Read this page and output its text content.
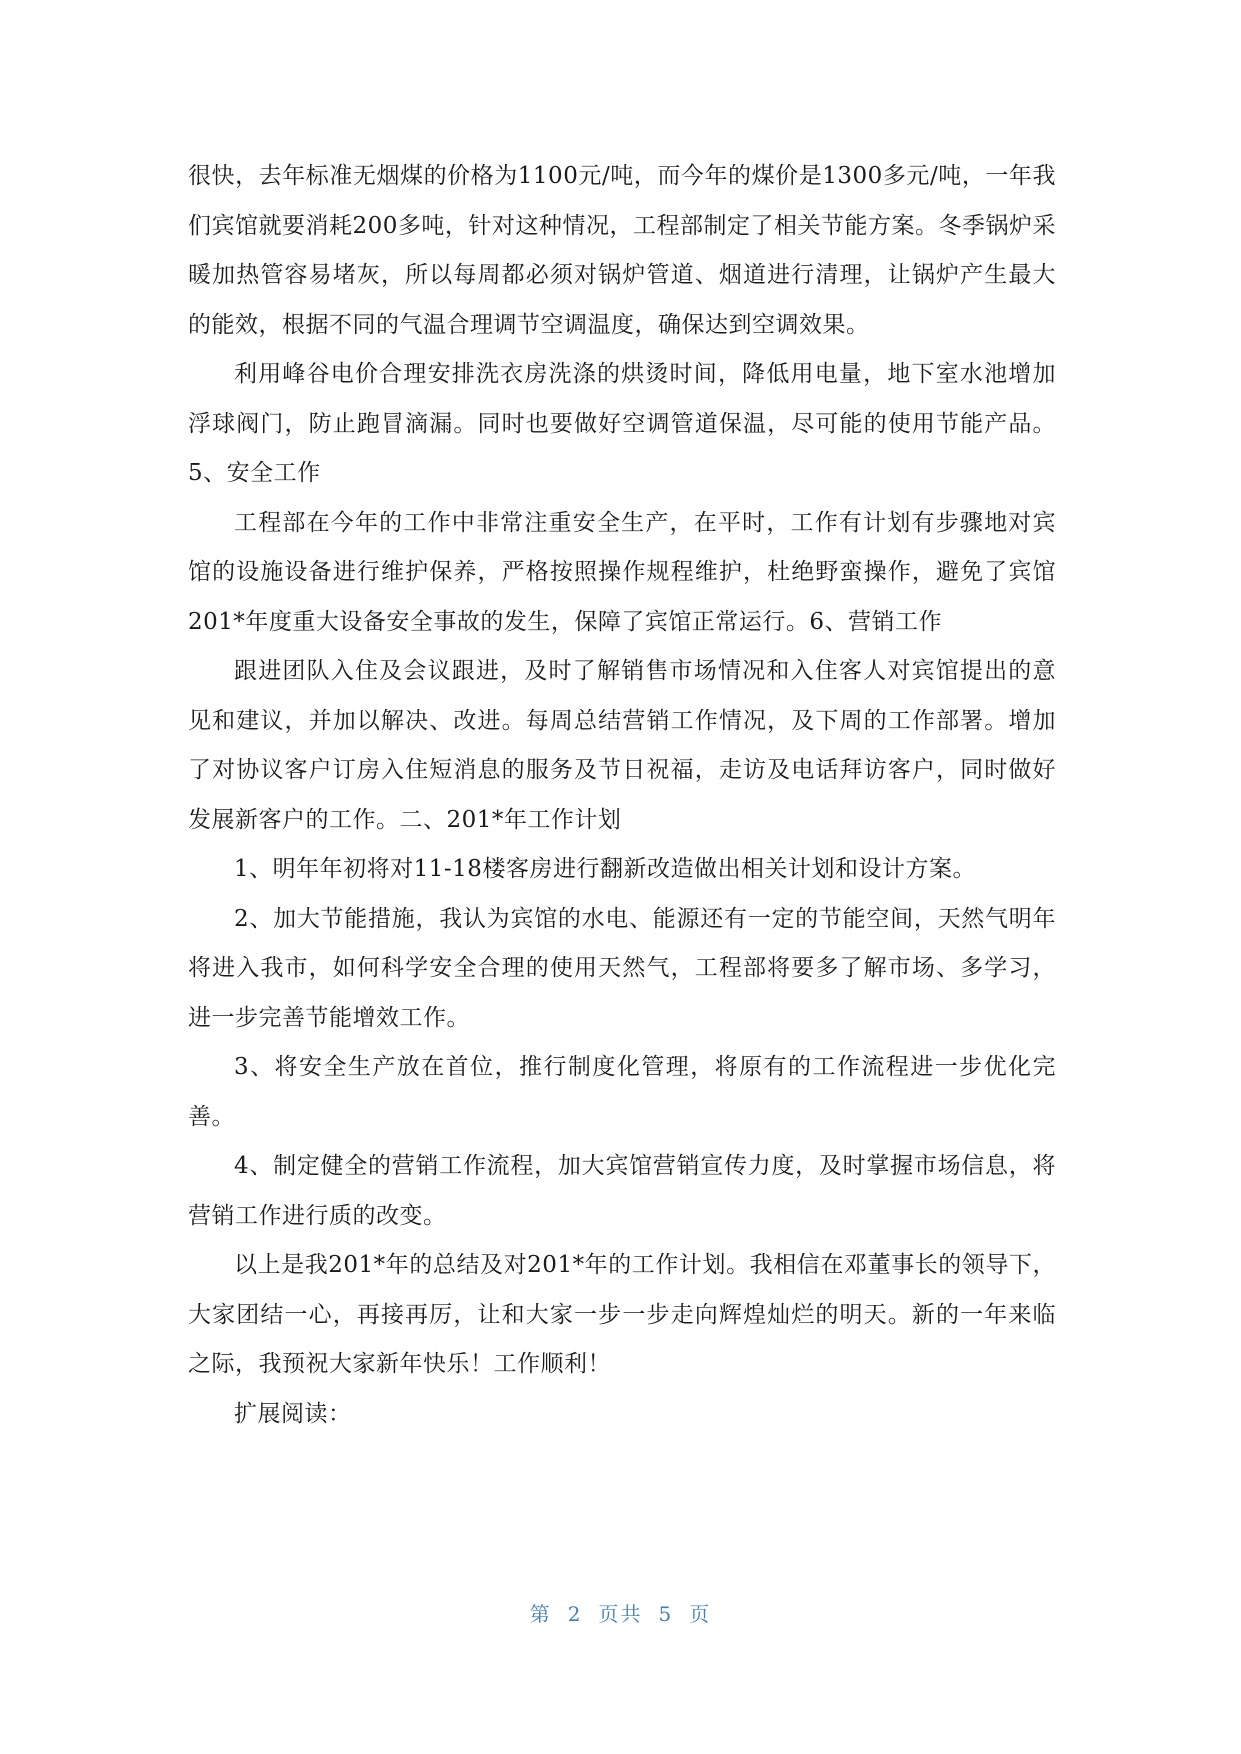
很快，去年标准无烟煤的价格为1100元/吨，而今年的煤价是1300多元/吨，一年我们宾馆就要消耗200多吨，针对这种情况，工程部制定了相关节能方案。冬季锅炉采暖加热管容易堵灰，所以每周都必须对锅炉管道、烟道进行清理，让锅炉产生最大的能效，根据不同的气温合理调节空调温度，确保达到空调效果。

利用峰谷电价合理安排洗衣房洗涤的烘烫时间，降低用电量，地下室水池增加浮球阀门，防止跑冒滴漏。同时也要做好空调管道保温，尽可能的使用节能产品。5、安全工作

工程部在今年的工作中非常注重安全生产，在平时，工作有计划有步骤地对宾馆的设施设备进行维护保养，严格按照操作规程维护，杜绝野蛮操作，避免了宾馆201*年度重大设备安全事故的发生，保障了宾馆正常运行。6、营销工作

跟进团队入住及会议跟进，及时了解销售市场情况和入住客人对宾馆提出的意见和建议，并加以解决、改进。每周总结营销工作情况，及下周的工作部署。增加了对协议客户订房入住短消息的服务及节日祝福，走访及电话拜访客户，同时做好发展新客户的工作。二、201*年工作计划

1、明年年初将对11-18楼客房进行翻新改造做出相关计划和设计方案。

2、加大节能措施，我认为宾馆的水电、能源还有一定的节能空间，天然气明年将进入我市，如何科学安全合理的使用天然气，工程部将要多了解市场、多学习，进一步完善节能增效工作。

3、将安全生产放在首位，推行制度化管理，将原有的工作流程进一步优化完善。

4、制定健全的营销工作流程，加大宾馆营销宣传力度，及时掌握市场信息，将营销工作进行质的改变。

以上是我201*年的总结及对201*年的工作计划。我相信在邓董事长的领导下，大家团结一心，再接再厉，让和大家一步一步走向辉煌灿烂的明天。新的一年来临之际，我预祝大家新年快乐！工作顺利！

扩展阅读：

第 2 页共 5 页
